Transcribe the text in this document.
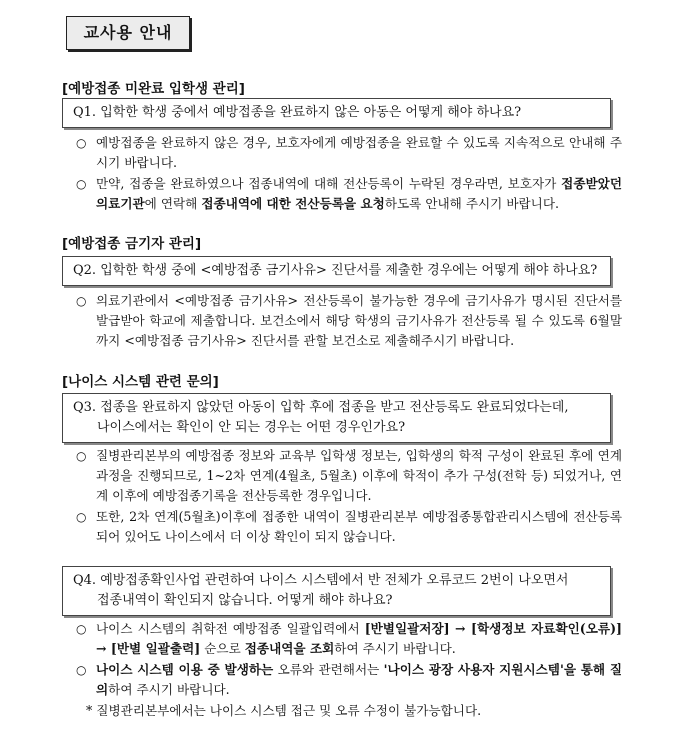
교사용 안내
[예방접종 미완료 입학생 관리]
Q1. 입학한 학생 중에서 예방접종을 완료하지 않은 아동은 어떻게 해야 하나요?
○ 예방접종을 완료하지 않은 경우, 보호자에게 예방접종을 완료할 수 있도록 지속적으로 안내해 주시기 바랍니다.
○ 만약, 접종을 완료하였으나 접종내역에 대해 전산등록이 누락된 경우라면, 보호자가 접종받았던 의료기관에 연락해 접종내역에 대한 전산등록을 요청하도록 안내해 주시기 바랍니다.
[예방접종 금기자 관리]
Q2. 입학한 학생 중에 <예방접종 금기사유> 진단서를 제출한 경우에는 어떻게 해야 하나요?
○ 의료기관에서 <예방접종 금기사유> 전산등록이 불가능한 경우에 금기사유가 명시된 진단서를 발급받아 학교에 제출합니다. 보건소에서 해당 학생의 금기사유가 전산등록 될 수 있도록 6월말까지 <예방접종 금기사유> 진단서를 관할 보건소로 제출해주시기 바랍니다.
[나이스 시스템 관련 문의]
Q3. 접종을 완료하지 않았던 아동이 입학 후에 접종을 받고 전산등록도 완료되었다는데,
나이스에서는 확인이 안 되는 경우는 어떤 경우인가요?
○ 질병관리본부의 예방접종 정보와 교육부 입학생 정보는, 입학생의 학적 구성이 완료된 후에 연계과정을 진행되므로, 1~2차 연계(4월초, 5월초) 이후에 학적이 추가 구성(전학 등) 되었거나, 연계 이후에 예방접종기록을 전산등록한 경우입니다.
○ 또한, 2차 연계(5월초)이후에 접종한 내역이 질병관리본부 예방접종통합관리시스템에 전산등록 되어 있어도 나이스에서 더 이상 확인이 되지 않습니다.
Q4. 예방접종확인사업 관련하여 나이스 시스템에서 반 전체가 오류코드 2번이 나오면서
접종내역이 확인되지 않습니다. 어떻게 해야 하나요?
○ 나이스 시스템의 취학전 예방접종 일괄입력에서 [반별일괄저장] → [학생정보 자료확인(오류)] → [반별 일괄출력] 순으로 접종내역을 조회하여 주시기 바랍니다.
○ 나이스 시스템 이용 중 발생하는 오류와 관련해서는 '나이스 광장 사용자 지원시스템'을 통해 질의하여 주시기 바랍니다.
* 질병관리본부에서는 나이스 시스템 접근 및 오류 수정이 불가능합니다.
